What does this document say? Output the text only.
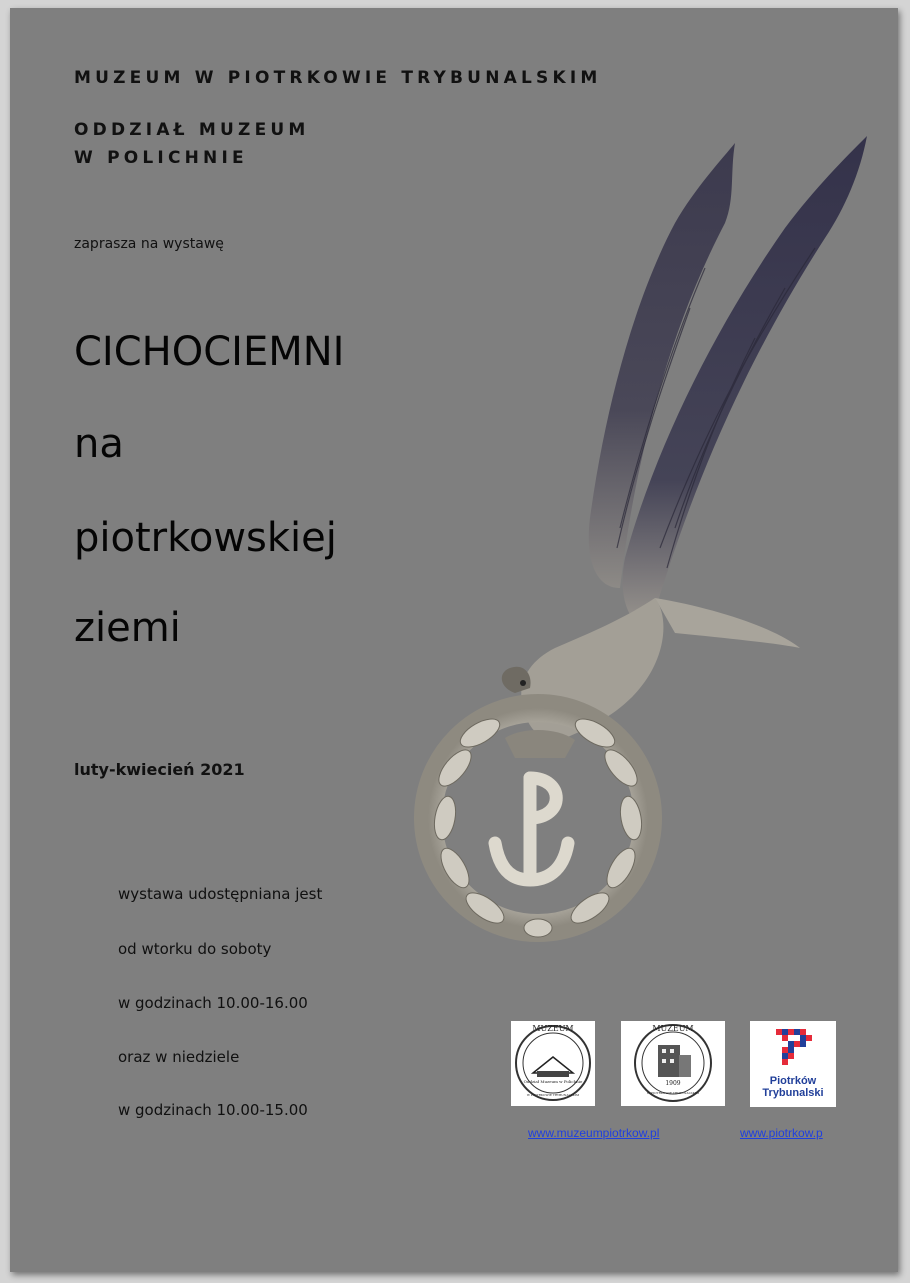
MUZEUM W PIOTRKOWIE TRYBUNALSKIM
ODDZIAŁ MUZEUM
W POLICHNIE
zaprasza na wystawę
CICHOCIEMNI
na
piotrkowskiej
ziemi
luty-kwiecień 2021
wystawa udostępniana jest
od wtorku do soboty
w godzinach 10.00-16.00
oraz w niedziele
w godzinach 10.00-15.00
MUZEUM
Oddział Muzeum w Polichnie
W PIOTRKOWIE TRYBUNALSKIM
MUZEUM
1909
W PIOTRKOWIE TRYBUNALSKIM
Piotrków
Trybunalski
www.muzeumpiotrkow.pl	www.piotrkow.p
